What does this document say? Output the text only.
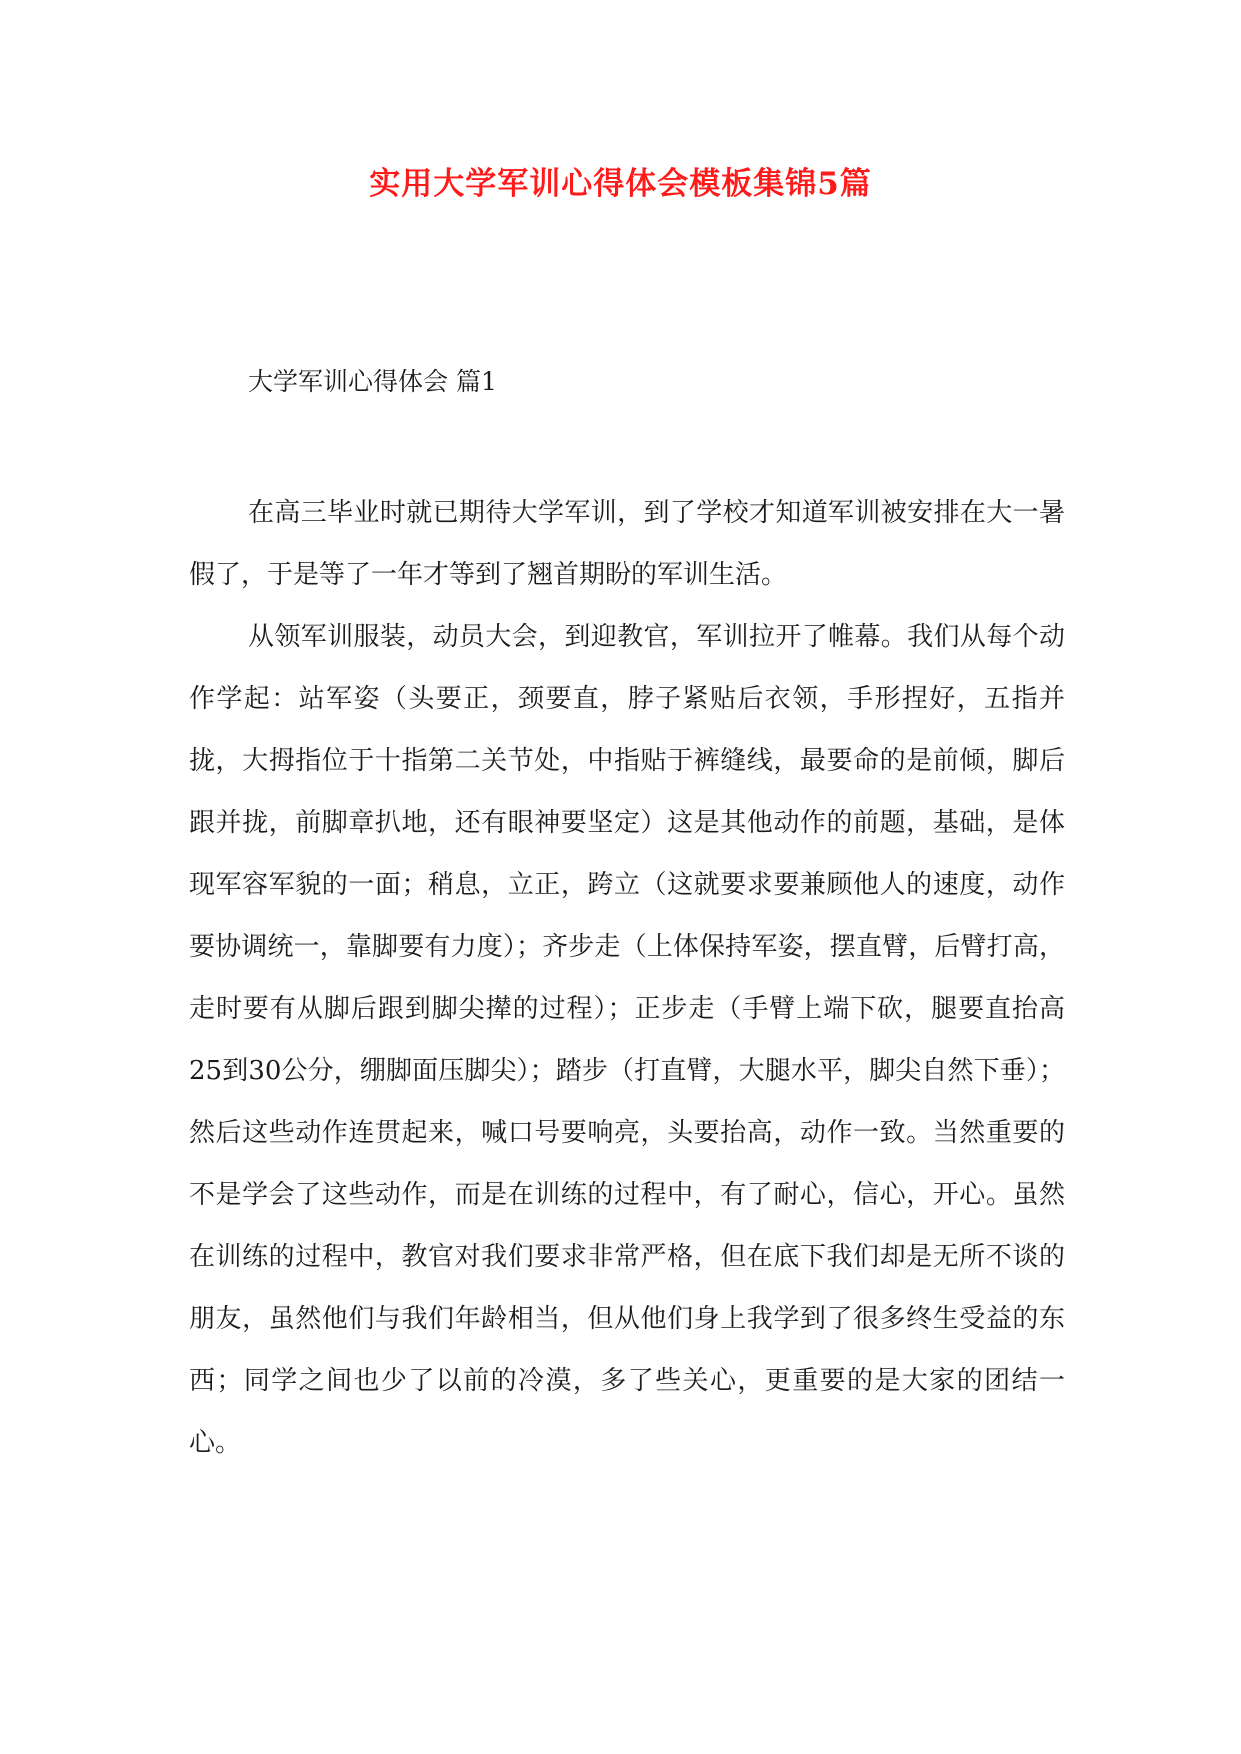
实用大学军训心得体会模板集锦5篇
大学军训心得体会 篇1

在高三毕业时就已期待大学军训，到了学校才知道军训被安排在大一暑假了，于是等了一年才等到了翘首期盼的军训生活。

从领军训服装，动员大会，到迎教官，军训拉开了帷幕。我们从每个动作学起：站军姿（头要正，颈要直，脖子紧贴后衣领，手形捏好，五指并拢，大拇指位于十指第二关节处，中指贴于裤缝线，最要命的是前倾，脚后跟并拢，前脚章扒地，还有眼神要坚定）这是其他动作的前题，基础，是体现军容军貌的一面；稍息，立正，跨立（这就要求要兼顾他人的速度，动作要协调统一，靠脚要有力度）；齐步走（上体保持军姿，摆直臂，后臂打高，走时要有从脚后跟到脚尖撵的过程）；正步走（手臂上端下砍，腿要直抬高25到30公分，绷脚面压脚尖）；踏步（打直臂，大腿水平，脚尖自然下垂）；然后这些动作连贯起来，喊口号要响亮，头要抬高，动作一致。当然重要的不是学会了这些动作，而是在训练的过程中，有了耐心，信心，开心。虽然在训练的过程中，教官对我们要求非常严格，但在底下我们却是无所不谈的朋友，虽然他们与我们年龄相当，但从他们身上我学到了很多终生受益的东西；同学之间也少了以前的冷漠，多了些关心，更重要的是大家的团结一心。
